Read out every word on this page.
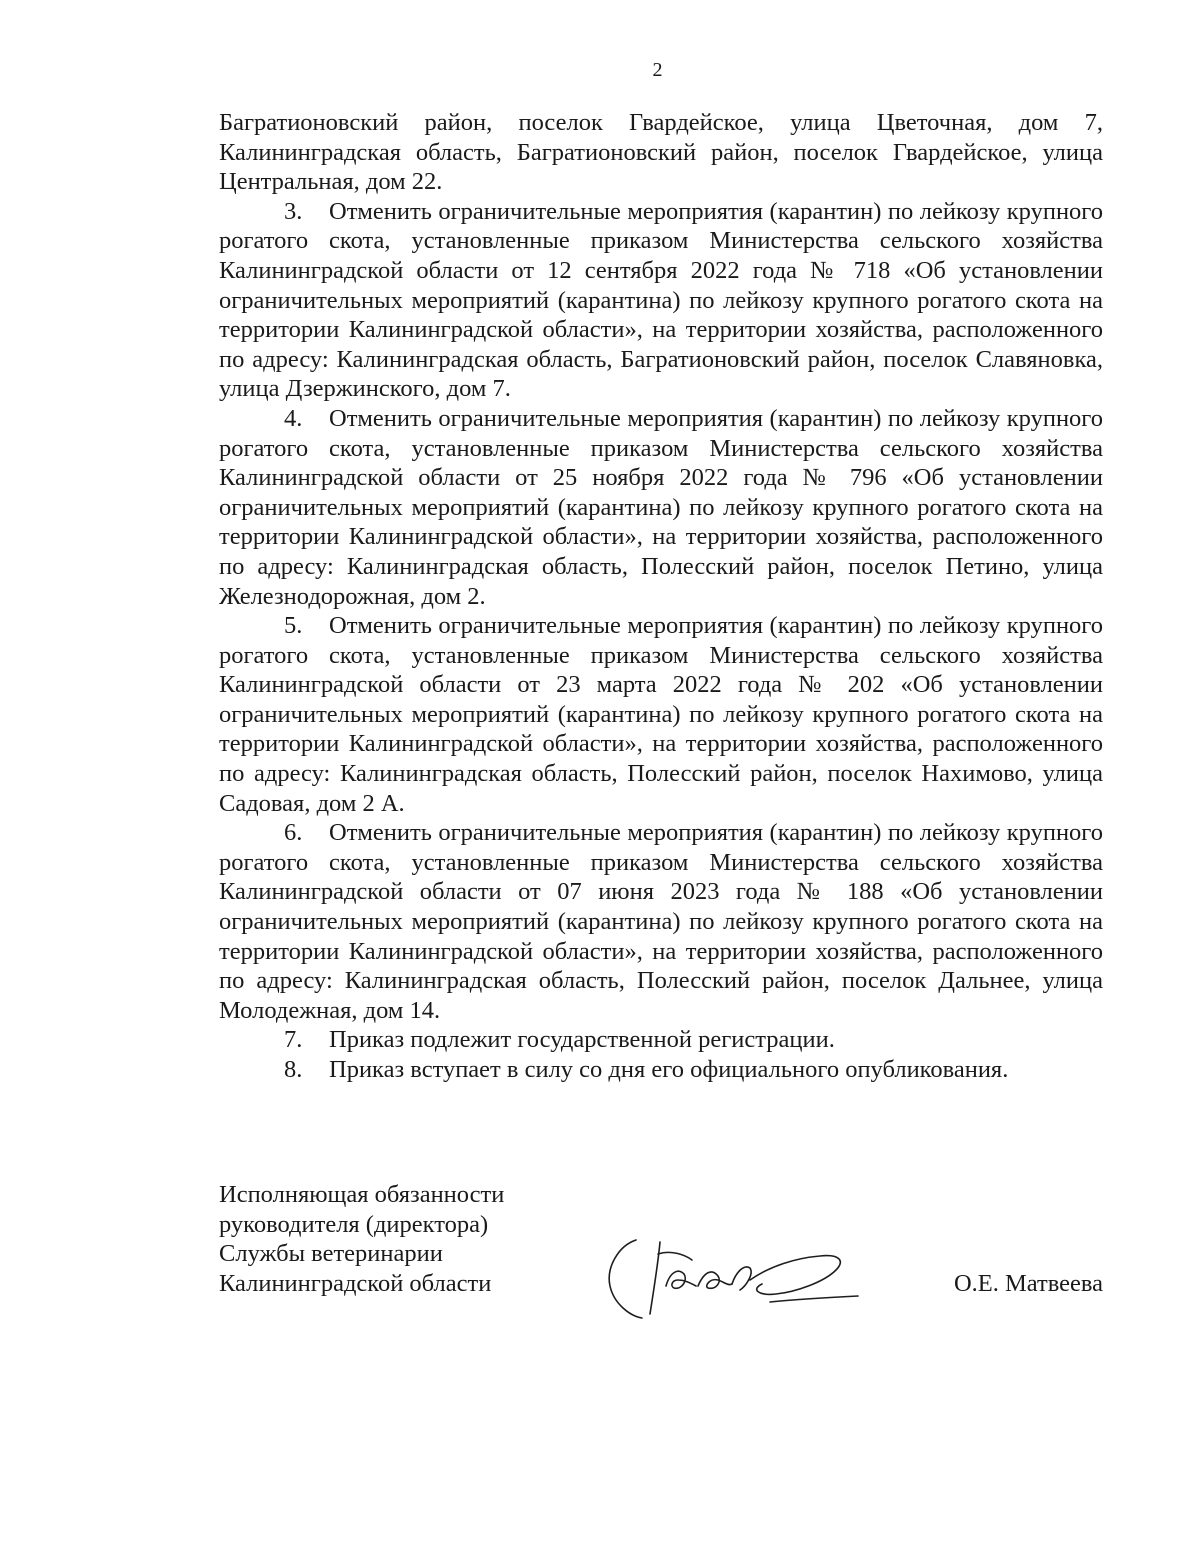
2

Багратионовский район, поселок Гвардейское, улица Цветочная, дом 7, Калининградская область, Багратионовский район, поселок Гвардейское, улица Центральная, дом 22.

3. Отменить ограничительные мероприятия (карантин) по лейкозу крупного рогатого скота, установленные приказом Министерства сельского хозяйства Калининградской области от 12 сентября 2022 года № 718 «Об установлении ограничительных мероприятий (карантина) по лейкозу крупного рогатого скота на территории Калининградской области», на территории хозяйства, расположенного по адресу: Калининградская область, Багратионовский район, поселок Славяновка, улица Дзержинского, дом 7.

4. Отменить ограничительные мероприятия (карантин) по лейкозу крупного рогатого скота, установленные приказом Министерства сельского хозяйства Калининградской области от 25 ноября 2022 года № 796 «Об установлении ограничительных мероприятий (карантина) по лейкозу крупного рогатого скота на территории Калининградской области», на территории хозяйства, расположенного по адресу: Калининградская область, Полесский район, поселок Петино, улица Железнодорожная, дом 2.

5. Отменить ограничительные мероприятия (карантин) по лейкозу крупного рогатого скота, установленные приказом Министерства сельского хозяйства Калининградской области от 23 марта 2022 года № 202 «Об установлении ограничительных мероприятий (карантина) по лейкозу крупного рогатого скота на территории Калининградской области», на территории хозяйства, расположенного по адресу: Калининградская область, Полесский район, поселок Нахимово, улица Садовая, дом 2 А.

6. Отменить ограничительные мероприятия (карантин) по лейкозу крупного рогатого скота, установленные приказом Министерства сельского хозяйства Калининградской области от 07 июня 2023 года № 188 «Об установлении ограничительных мероприятий (карантина) по лейкозу крупного рогатого скота на территории Калининградской области», на территории хозяйства, расположенного по адресу: Калининградская область, Полесский район, поселок Дальнее, улица Молодежная, дом 14.

7. Приказ подлежит государственной регистрации.

8. Приказ вступает в силу со дня его официального опубликования.

Исполняющая обязанности
руководителя (директора)
Службы ветеринарии
Калининградской области	О.Е. Матвеева
